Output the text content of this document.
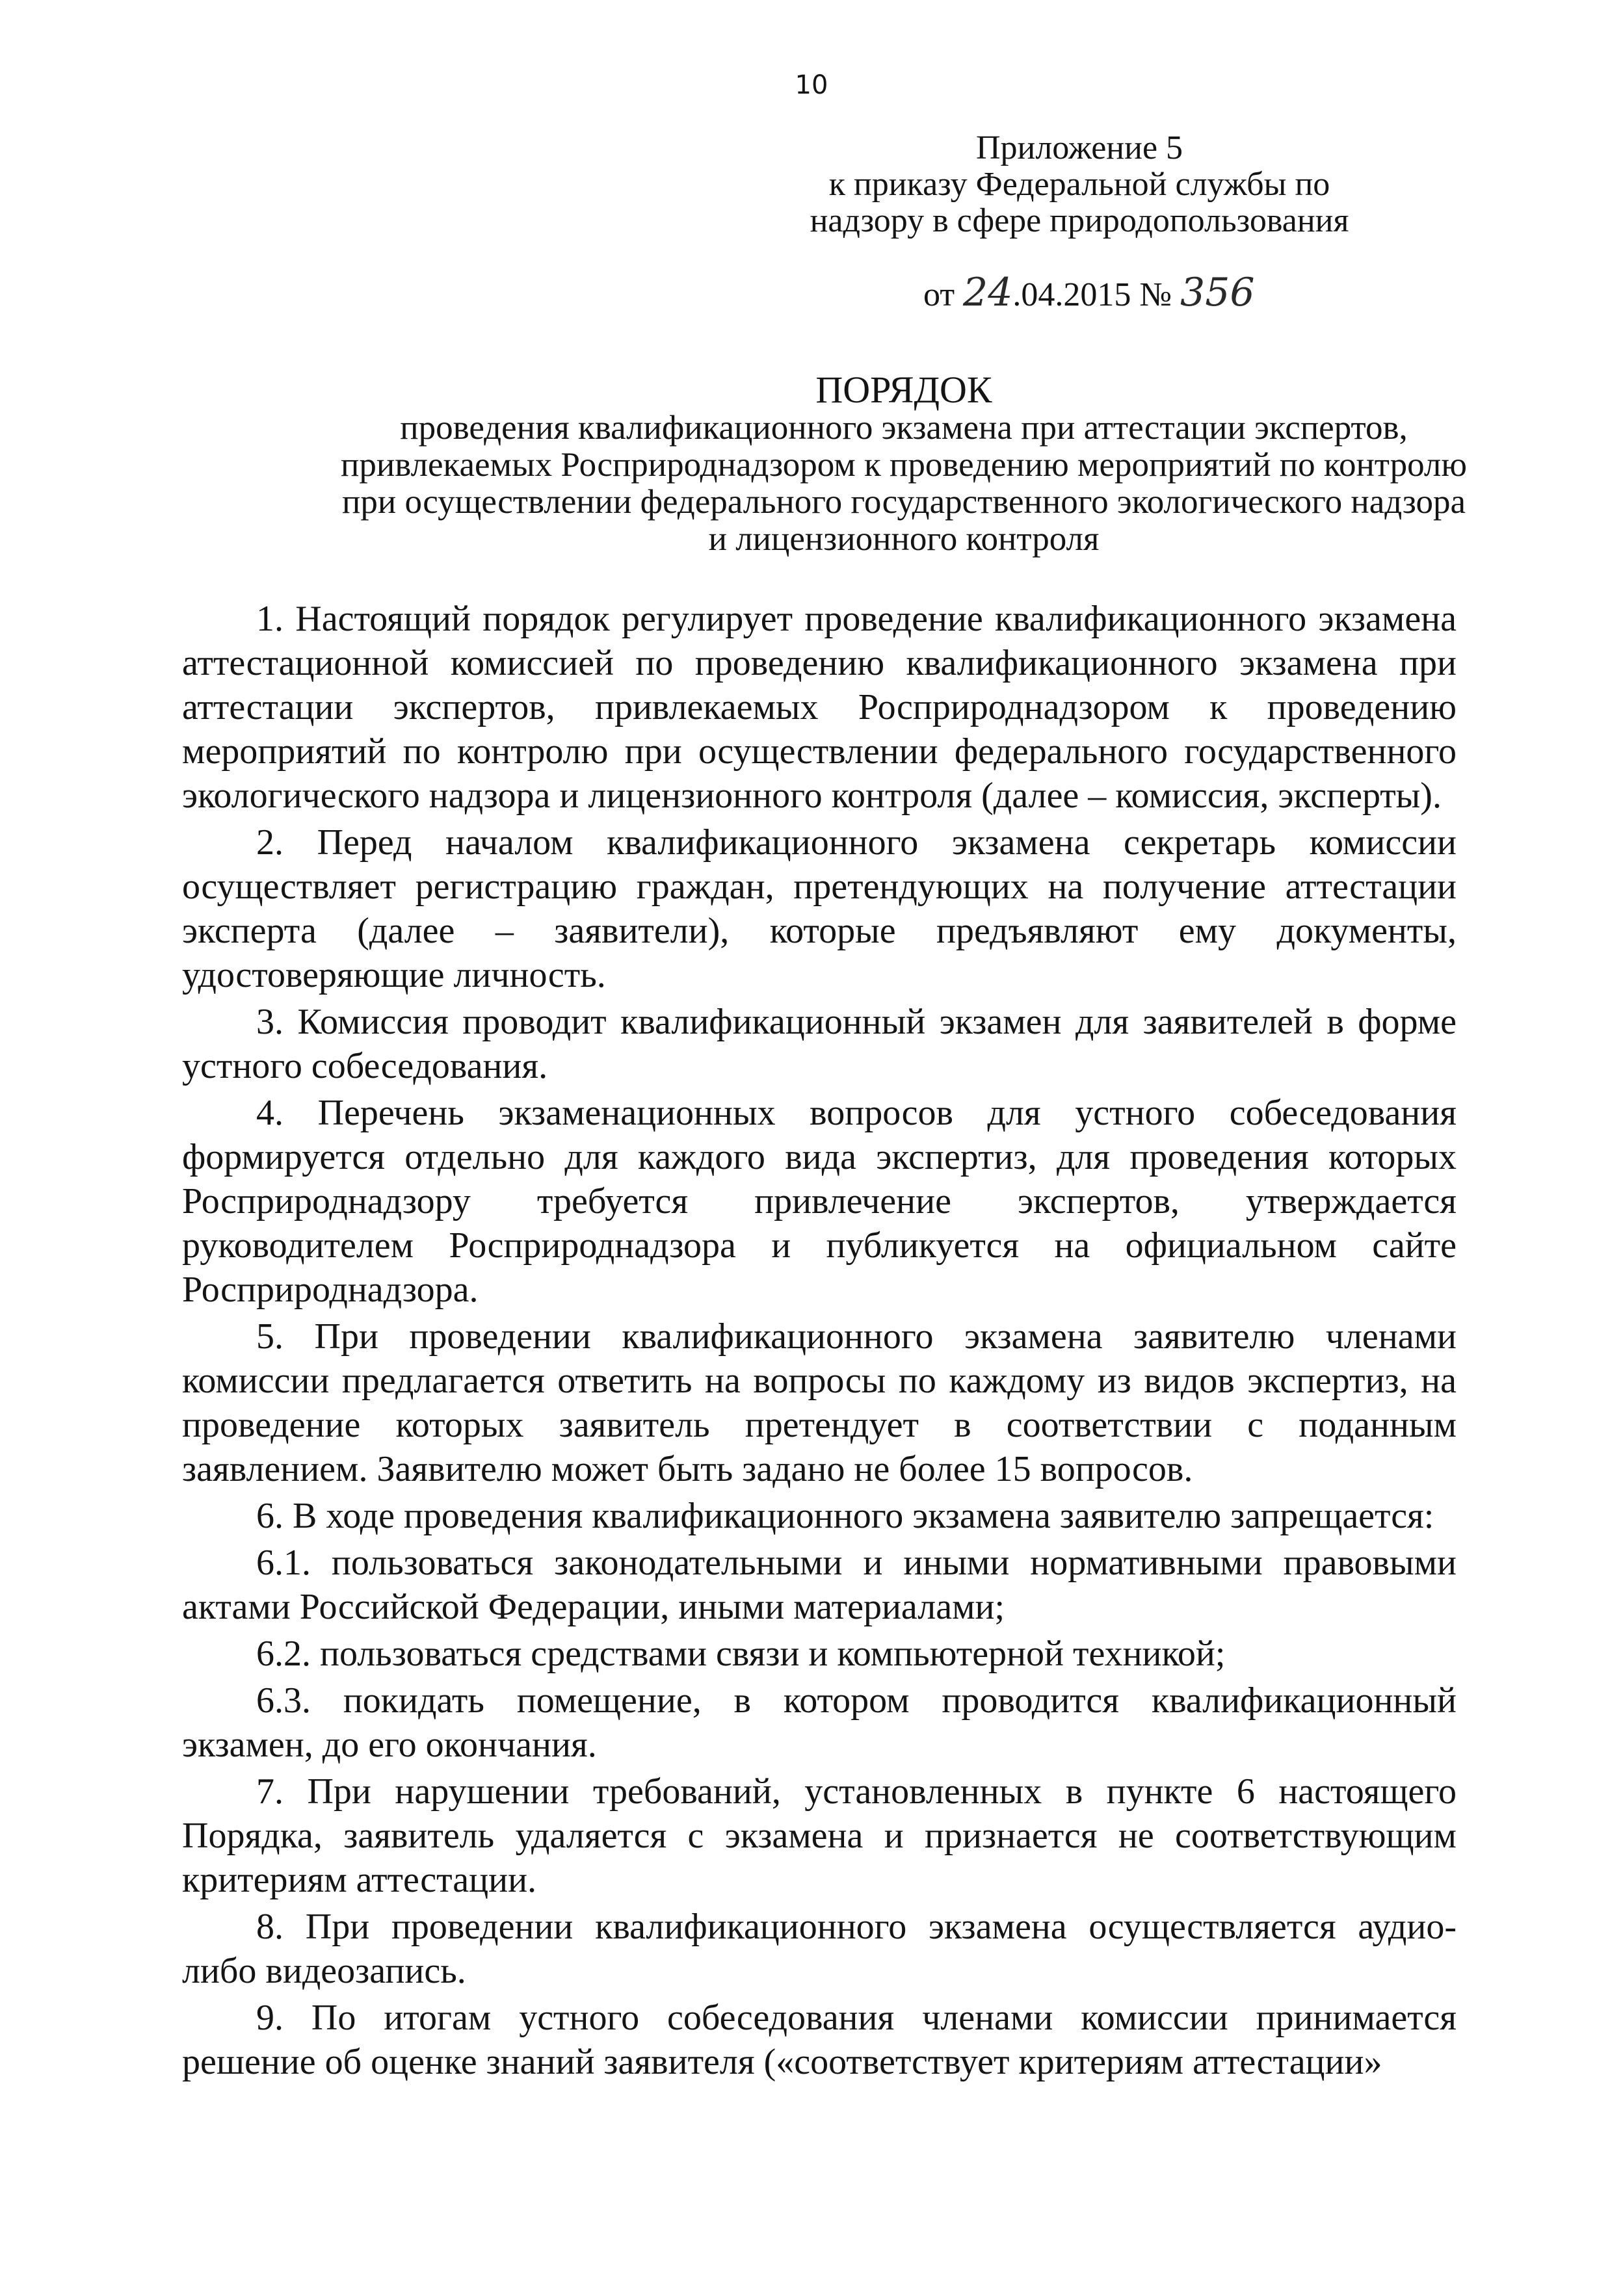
10
Приложение 5
к приказу Федеральной службы по
надзору в сфере природопользования
от 24.04.2015 № 356
ПОРЯДОК
проведения квалификационного экзамена при аттестации экспертов,
привлекаемых Росприроднадзором к проведению мероприятий по контролю
при осуществлении федерального государственного экологического надзора
и лицензионного контроля

1. Настоящий порядок регулирует проведение квалификационного экзамена аттестационной комиссией по проведению квалификационного экзамена при аттестации экспертов, привлекаемых Росприроднадзором к проведению мероприятий по контролю при осуществлении федерального государственного экологического надзора и лицензионного контроля (далее – комиссия, эксперты).

2. Перед началом квалификационного экзамена секретарь комиссии осуществляет регистрацию граждан, претендующих на получение аттестации эксперта (далее – заявители), которые предъявляют ему документы, удостоверяющие личность.

3. Комиссия проводит квалификационный экзамен для заявителей в форме устного собеседования.

4. Перечень экзаменационных вопросов для устного собеседования формируется отдельно для каждого вида экспертиз, для проведения которых Росприроднадзору требуется привлечение экспертов, утверждается руководителем Росприроднадзора и публикуется на официальном сайте Росприроднадзора.

5. При проведении квалификационного экзамена заявителю членами комиссии предлагается ответить на вопросы по каждому из видов экспертиз, на проведение которых заявитель претендует в соответствии с поданным заявлением. Заявителю может быть задано не более 15 вопросов.

6. В ходе проведения квалификационного экзамена заявителю запрещается:

6.1. пользоваться законодательными и иными нормативными правовыми актами Российской Федерации, иными материалами;

6.2. пользоваться средствами связи и компьютерной техникой;

6.3. покидать помещение, в котором проводится квалификационный экзамен, до его окончания.

7. При нарушении требований, установленных в пункте 6 настоящего Порядка, заявитель удаляется с экзамена и признается не соответствующим критериям аттестации.

8. При проведении квалификационного экзамена осуществляется аудио- либо видеозапись.

9. По итогам устного собеседования членами комиссии принимается решение об оценке знаний заявителя («соответствует критериям аттестации»
